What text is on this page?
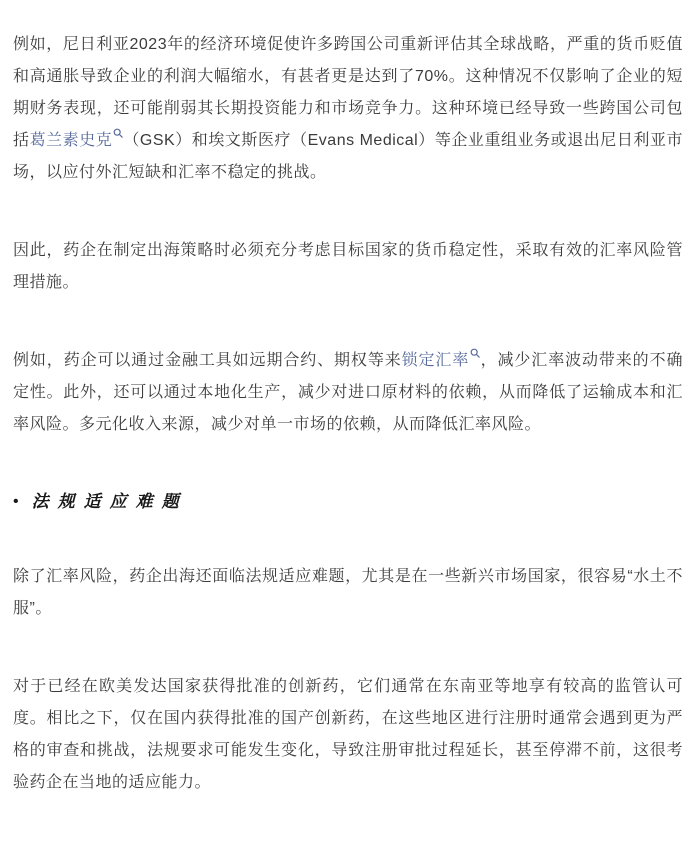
例如，尼日利亚2023年的经济环境促使许多跨国公司重新评估其全球战略，严重的货币贬值和高通胀导致企业的利润大幅缩水，有甚者更是达到了70%。这种情况不仅影响了企业的短期财务表现，还可能削弱其长期投资能力和市场竞争力。这种环境已经导致一些跨国公司包括葛兰素史克 （GSK）和埃文斯医疗（Evans Medical）等企业重组业务或退出尼日利亚市场，以应付外汇短缺和汇率不稳定的挑战。

因此，药企在制定出海策略时必须充分考虑目标国家的货币稳定性，采取有效的汇率风险管理措施。

例如，药企可以通过金融工具如远期合约、期权等来锁定汇率 ，减少汇率波动带来的不确定性。此外，还可以通过本地化生产，减少对进口原材料的依赖，从而降低了运输成本和汇率风险。多元化收入来源，减少对单一市场的依赖，从而降低汇率风险。

• 法规适应难题

除了汇率风险，药企出海还面临法规适应难题，尤其是在一些新兴市场国家，很容易“水土不服”。

对于已经在欧美发达国家获得批准的创新药，它们通常在东南亚等地享有较高的监管认可度。相比之下，仅在国内获得批准的国产创新药，在这些地区进行注册时通常会遇到更为严格的审查和挑战，法规要求可能发生变化，导致注册审批过程延长，甚至停滞不前，这很考验药企在当地的适应能力。
